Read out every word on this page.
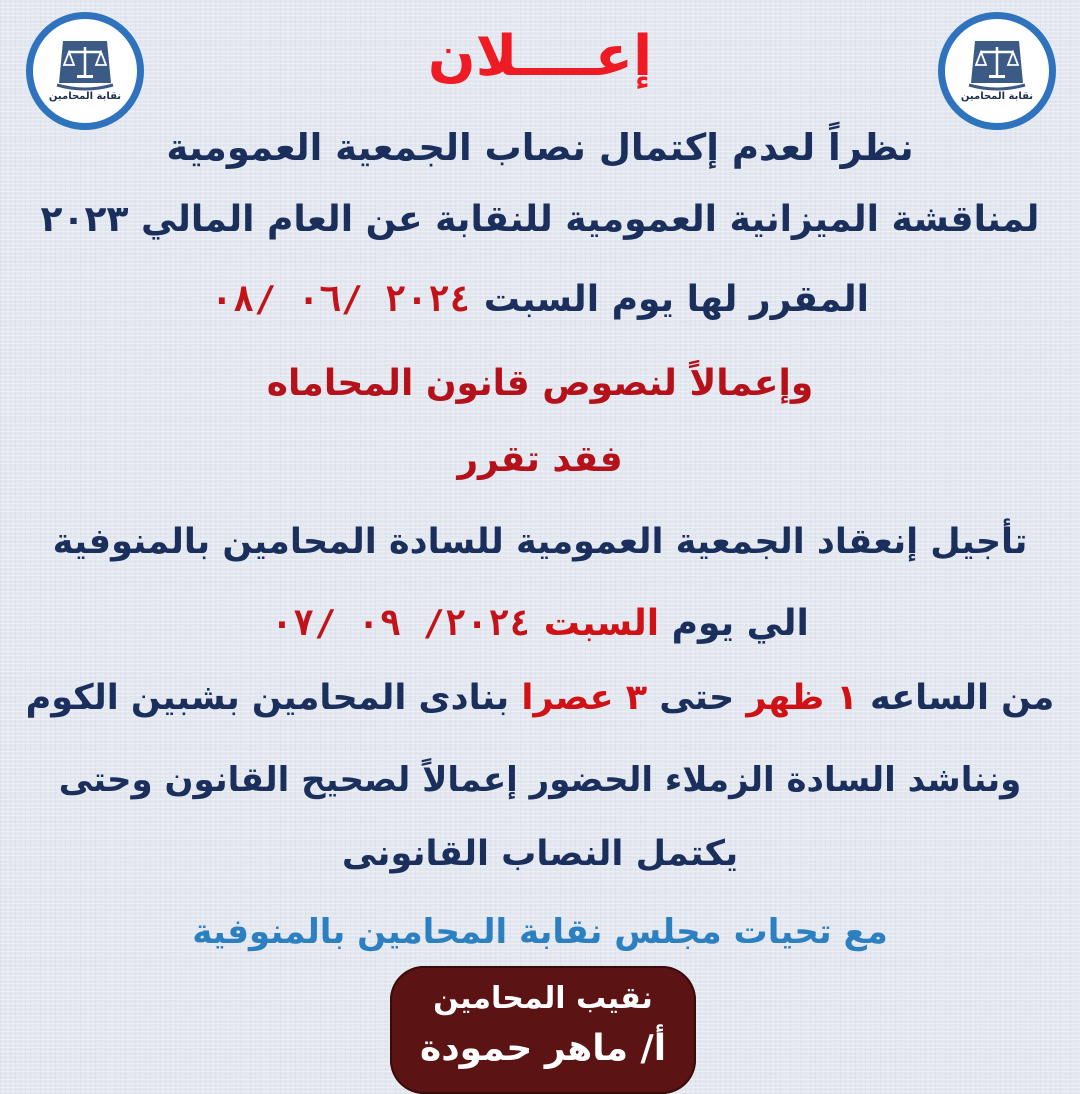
نقابة المحامين	نقابة المحامين
إعــــلان
نظراً لعدم إكتمال نصاب الجمعية العمومية
لمناقشة الميزانية العمومية للنقابة عن العام المالي ٢٠٢٣
المقرر لها يوم السبت ٢٠٢٤ /٠٦ /٠٨
وإعمالاً لنصوص قانون المحاماه
فقد تقرر
تأجيل إنعقاد الجمعية العمومية للسادة المحامين بالمنوفية
الي يوم السبت ٢٠٢٤/ ٠٩ /٠٧
من الساعه ١ ظهر حتى ٣ عصرا بنادى المحامين بشبين الكوم
ونناشد السادة الزملاء الحضور إعمالاً لصحيح القانون وحتى
يكتمل النصاب القانونى
مع تحيات مجلس نقابة المحامين بالمنوفية
نقيب المحامين
أ/ ماهر حمودة
